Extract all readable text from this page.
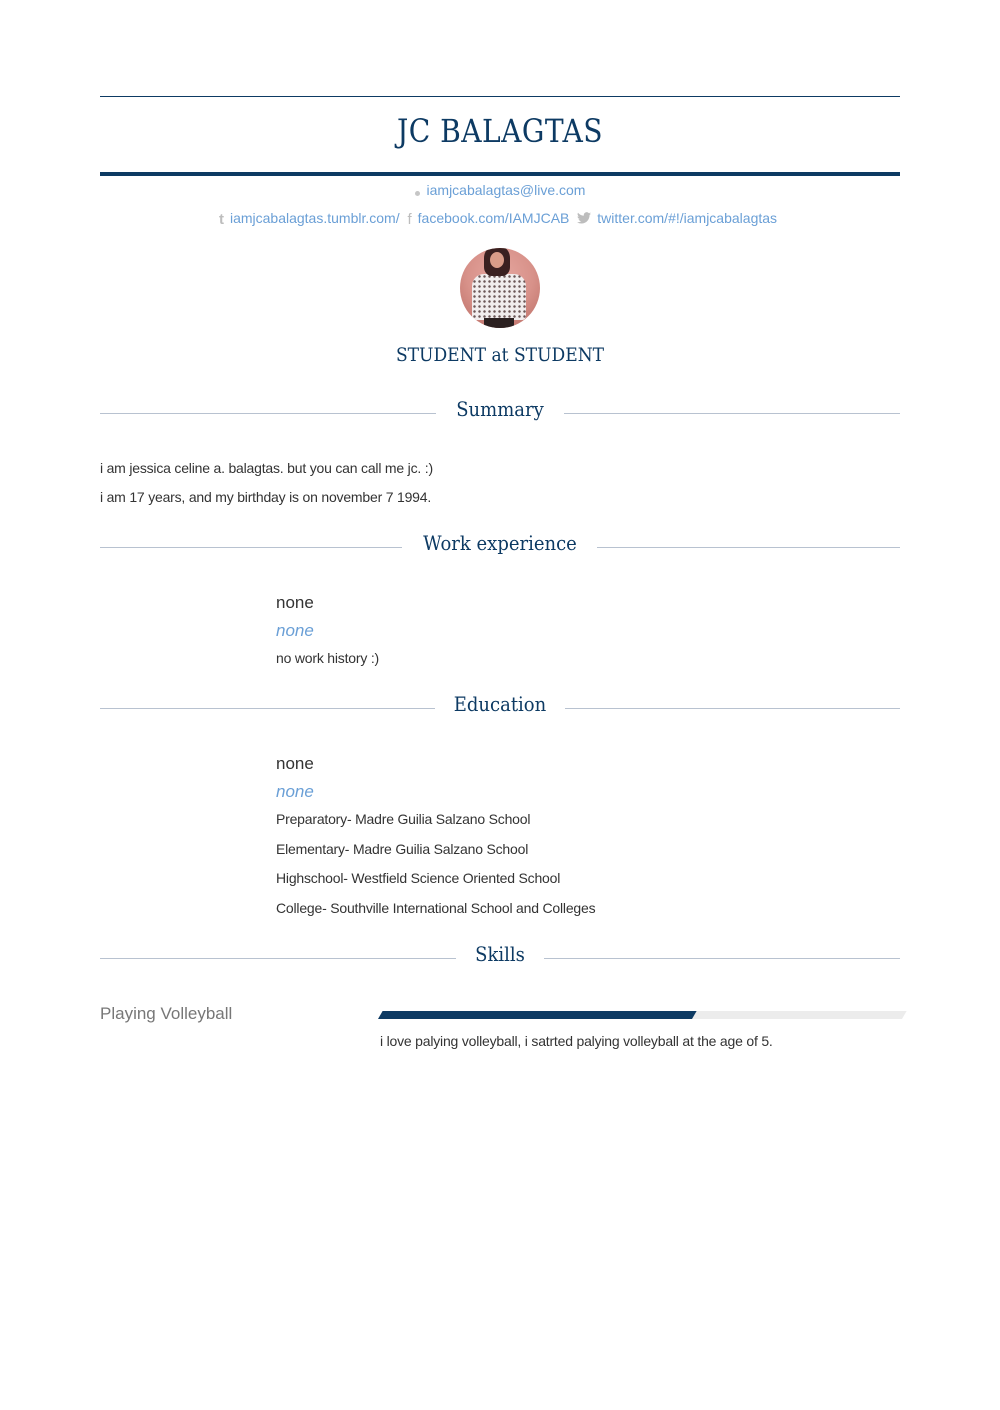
JC BALAGTAS
iamjcabalagtas@live.com
t iamjcabalagtas.tumblr.com/ f facebook.com/IAMJCAB twitter.com/#!/iamjcabalagtas
STUDENT at STUDENT
Summary
i am jessica celine a. balagtas. but you can call me jc. :)
i am 17 years, and my birthday is on november 7 1994.
Work experience
none
none
no work history :)
Education
none
none
Preparatory- Madre Guilia Salzano School
Elementary- Madre Guilia Salzano School
Highschool- Westfield Science Oriented School
College- Southville International School and Colleges
Skills
Playing Volleyball
i love palying volleyball, i satrted palying volleyball at the age of 5.
